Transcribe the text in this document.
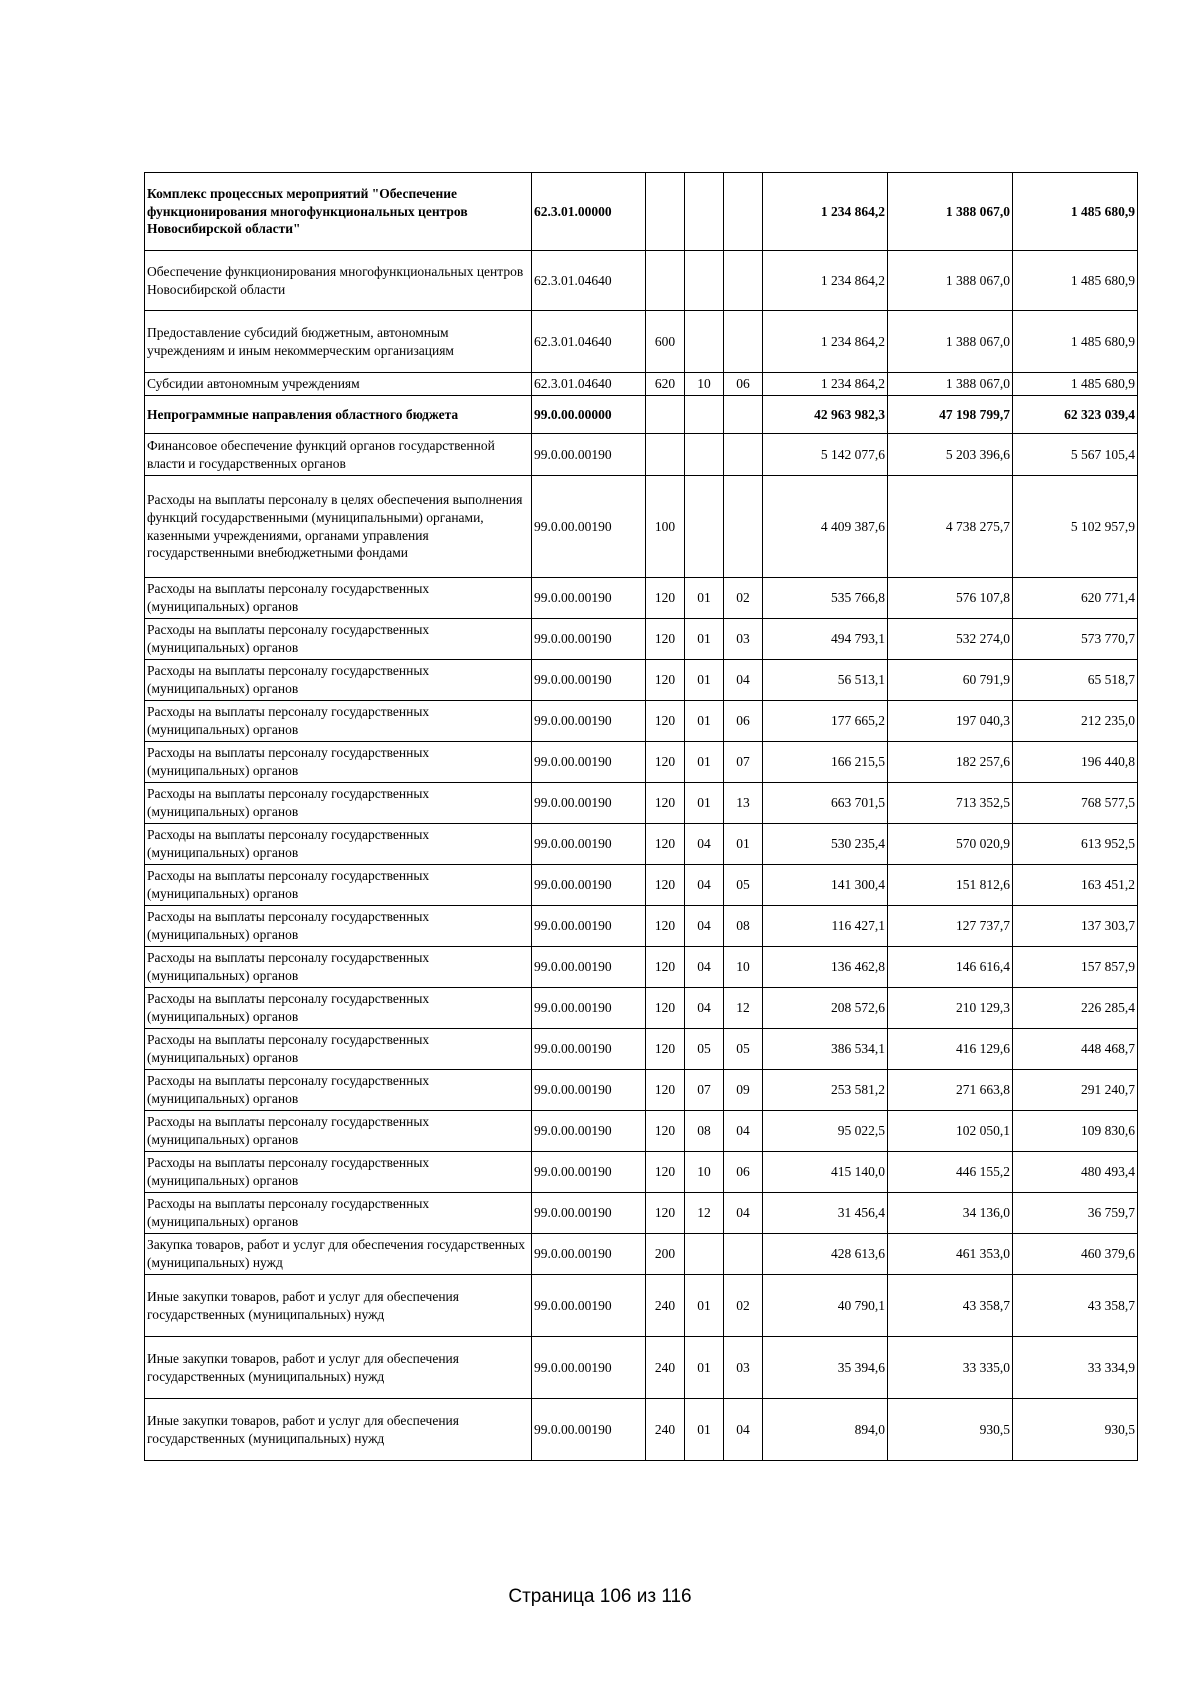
Комплекс процессных мероприятий "Обеспечение функционирования многофункциональных центров Новосибирской области"	62.3.01.00000				1 234 864,2	1 388 067,0	1 485 680,9
Обеспечение функционирования многофункциональных центров Новосибирской области	62.3.01.04640				1 234 864,2	1 388 067,0	1 485 680,9
Предоставление субсидий бюджетным, автономным учреждениям и иным некоммерческим организациям	62.3.01.04640	600			1 234 864,2	1 388 067,0	1 485 680,9
Субсидии автономным учреждениям	62.3.01.04640	620	10	06	1 234 864,2	1 388 067,0	1 485 680,9
Непрограммные направления областного бюджета	99.0.00.00000				42 963 982,3	47 198 799,7	62 323 039,4
Финансовое обеспечение функций органов государственной власти и государственных органов	99.0.00.00190				5 142 077,6	5 203 396,6	5 567 105,4
Расходы на выплаты персоналу в целях обеспечения выполнения функций государственными (муниципальными) органами, казенными учреждениями, органами управления государственными внебюджетными фондами	99.0.00.00190	100			4 409 387,6	4 738 275,7	5 102 957,9
Расходы на выплаты персоналу государственных (муниципальных) органов	99.0.00.00190	120	01	02	535 766,8	576 107,8	620 771,4
Расходы на выплаты персоналу государственных (муниципальных) органов	99.0.00.00190	120	01	03	494 793,1	532 274,0	573 770,7
Расходы на выплаты персоналу государственных (муниципальных) органов	99.0.00.00190	120	01	04	56 513,1	60 791,9	65 518,7
Расходы на выплаты персоналу государственных (муниципальных) органов	99.0.00.00190	120	01	06	177 665,2	197 040,3	212 235,0
Расходы на выплаты персоналу государственных (муниципальных) органов	99.0.00.00190	120	01	07	166 215,5	182 257,6	196 440,8
Расходы на выплаты персоналу государственных (муниципальных) органов	99.0.00.00190	120	01	13	663 701,5	713 352,5	768 577,5
Расходы на выплаты персоналу государственных (муниципальных) органов	99.0.00.00190	120	04	01	530 235,4	570 020,9	613 952,5
Расходы на выплаты персоналу государственных (муниципальных) органов	99.0.00.00190	120	04	05	141 300,4	151 812,6	163 451,2
Расходы на выплаты персоналу государственных (муниципальных) органов	99.0.00.00190	120	04	08	116 427,1	127 737,7	137 303,7
Расходы на выплаты персоналу государственных (муниципальных) органов	99.0.00.00190	120	04	10	136 462,8	146 616,4	157 857,9
Расходы на выплаты персоналу государственных (муниципальных) органов	99.0.00.00190	120	04	12	208 572,6	210 129,3	226 285,4
Расходы на выплаты персоналу государственных (муниципальных) органов	99.0.00.00190	120	05	05	386 534,1	416 129,6	448 468,7
Расходы на выплаты персоналу государственных (муниципальных) органов	99.0.00.00190	120	07	09	253 581,2	271 663,8	291 240,7
Расходы на выплаты персоналу государственных (муниципальных) органов	99.0.00.00190	120	08	04	95 022,5	102 050,1	109 830,6
Расходы на выплаты персоналу государственных (муниципальных) органов	99.0.00.00190	120	10	06	415 140,0	446 155,2	480 493,4
Расходы на выплаты персоналу государственных (муниципальных) органов	99.0.00.00190	120	12	04	31 456,4	34 136,0	36 759,7
Закупка товаров, работ и услуг для обеспечения государственных (муниципальных) нужд	99.0.00.00190	200			428 613,6	461 353,0	460 379,6
Иные закупки товаров, работ и услуг для обеспечения государственных (муниципальных) нужд	99.0.00.00190	240	01	02	40 790,1	43 358,7	43 358,7
Иные закупки товаров, работ и услуг для обеспечения государственных (муниципальных) нужд	99.0.00.00190	240	01	03	35 394,6	33 335,0	33 334,9
Иные закупки товаров, работ и услуг для обеспечения государственных (муниципальных) нужд	99.0.00.00190	240	01	04	894,0	930,5	930,5
Страница 106 из 116
